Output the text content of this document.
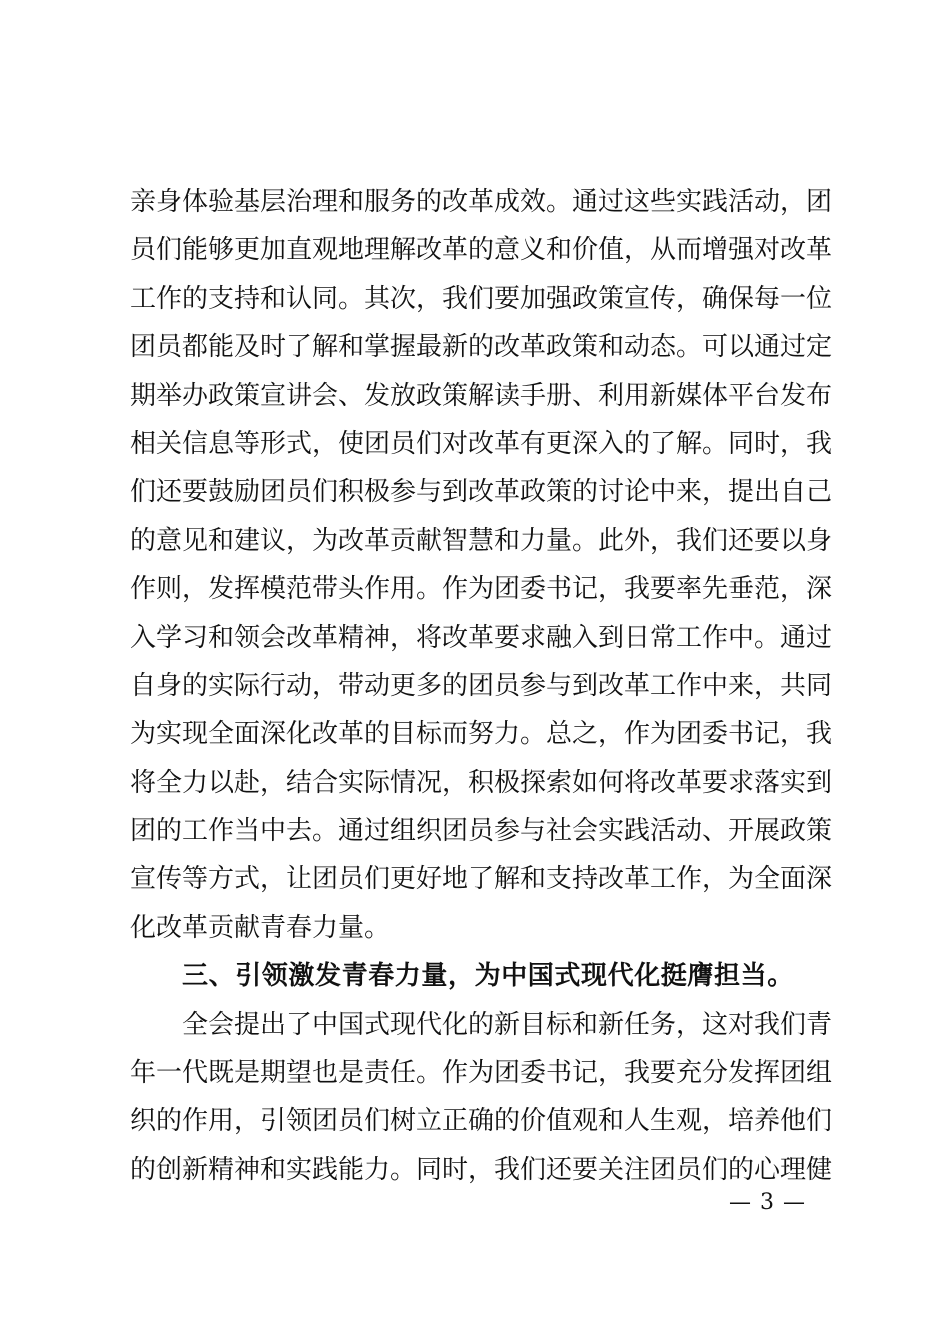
亲身体验基层治理和服务的改革成效。通过这些实践活动，团
员们能够更加直观地理解改革的意义和价值，从而增强对改革
工作的支持和认同。其次，我们要加强政策宣传，确保每一位
团员都能及时了解和掌握最新的改革政策和动态。可以通过定
期举办政策宣讲会、发放政策解读手册、利用新媒体平台发布
相关信息等形式，使团员们对改革有更深入的了解。同时，我
们还要鼓励团员们积极参与到改革政策的讨论中来，提出自己
的意见和建议，为改革贡献智慧和力量。此外，我们还要以身
作则，发挥模范带头作用。作为团委书记，我要率先垂范，深
入学习和领会改革精神，将改革要求融入到日常工作中。通过
自身的实际行动，带动更多的团员参与到改革工作中来，共同
为实现全面深化改革的目标而努力。总之，作为团委书记，我
将全力以赴，结合实际情况，积极探索如何将改革要求落实到
团的工作当中去。通过组织团员参与社会实践活动、开展政策
宣传等方式，让团员们更好地了解和支持改革工作，为全面深
化改革贡献青春力量。
三、引领激发青春力量，为中国式现代化挺膺担当。
全会提出了中国式现代化的新目标和新任务，这对我们青
年一代既是期望也是责任。作为团委书记，我要充分发挥团组
织的作用，引领团员们树立正确的价值观和人生观，培养他们
的创新精神和实践能力。同时，我们还要关注团员们的心理健
— 3 —
